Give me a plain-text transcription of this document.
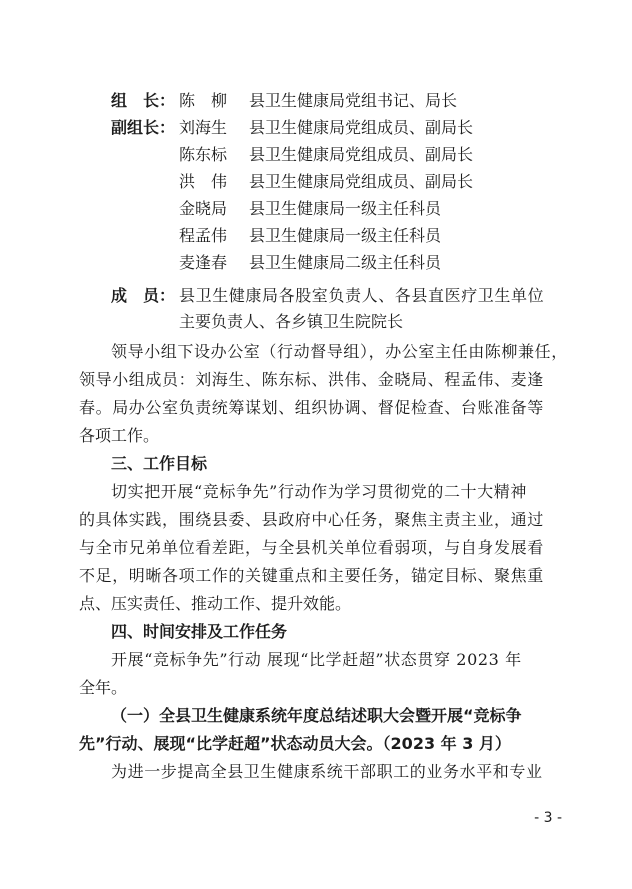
组　长： 陈　柳 县卫生健康局党组书记、局长
副组长： 刘海生 县卫生健康局党组成员、副局长
陈东标 县卫生健康局党组成员、副局长
洪　伟 县卫生健康局党组成员、副局长
金晓局 县卫生健康局一级主任科员
程孟伟 县卫生健康局一级主任科员
麦逢春 县卫生健康局二级主任科员
成　员： 县卫生健康局各股室负责人、各县直医疗卫生单位
主要负责人、各乡镇卫生院院长
领导小组下设办公室（行动督导组），办公室主任由陈柳兼任，
领导小组成员：刘海生、陈东标、洪伟、金晓局、程孟伟、麦逢
春。局办公室负责统筹谋划、组织协调、督促检查、台账准备等
各项工作。
三、工作目标
切实把开展“竞标争先”行动作为学习贯彻党的二十大精神
的具体实践，围绕县委、县政府中心任务，聚焦主责主业，通过
与全市兄弟单位看差距，与全县机关单位看弱项，与自身发展看
不足，明晰各项工作的关键重点和主要任务，锚定目标、聚焦重
点、压实责任、推动工作、提升效能。
四、时间安排及工作任务
开展“竞标争先”行动 展现“比学赶超”状态贯穿 2023 年
全年。
（一）全县卫生健康系统年度总结述职大会暨开展“竞标争
先”行动、展现“比学赶超”状态动员大会。（2023 年 3 月）
为进一步提高全县卫生健康系统干部职工的业务水平和专业
- 3 -
